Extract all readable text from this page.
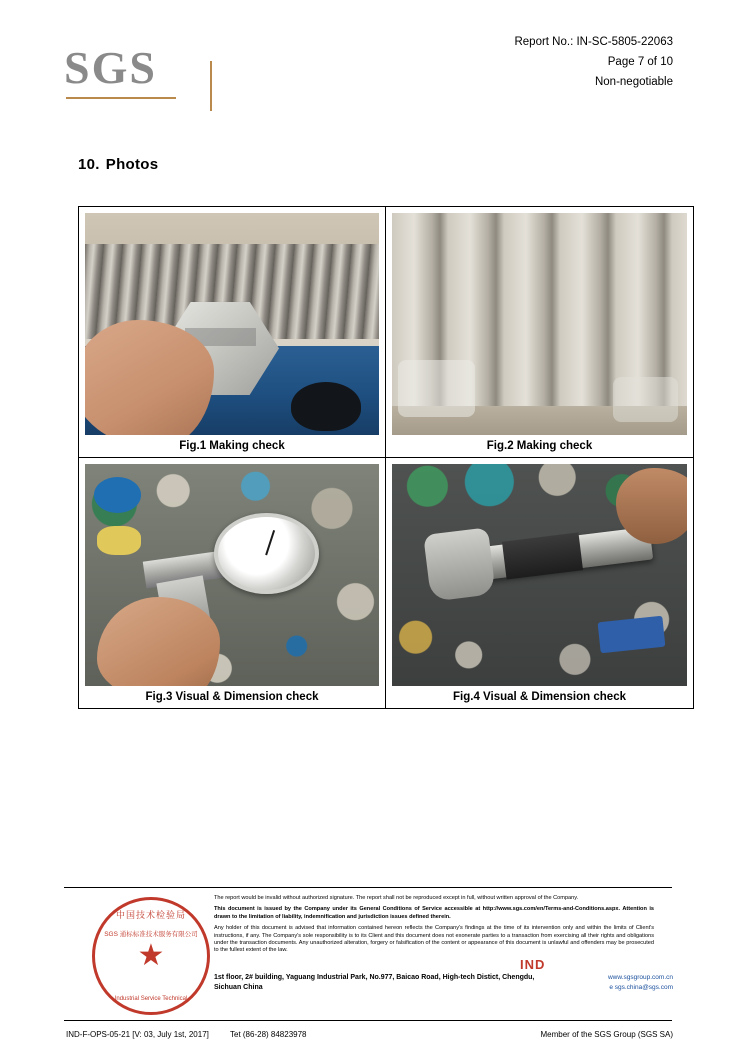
SGS	Report No.: IN-SC-5805-22063
Page 7 of 10
Non-negotiable
10. Photos
Fig.1 Making check	Fig.2 Making check
Fig.3 Visual & Dimension check	Fig.4 Visual & Dimension check
中国技术检验局
SGS 通标标准技术服务有限公司
★
Industrial Service Technical

The report would be invalid without authorized signature. The report shall not be reproduced except in full, without written approval of the Company.

This document is issued by the Company under its General Conditions of Service accessible at http://www.sgs.com/en/Terms-and-Conditions.aspx. Attention is drawn to the limitation of liability, indemnification and jurisdiction issues defined therein.

Any holder of this document is advised that information contained hereon reflects the Company's findings at the time of its intervention only and within the limits of Client's instructions, if any. The Company's sole responsibility is to its Client and this document does not exonerate parties to a transaction from exercising all their rights and obligations under the transaction documents. Any unauthorized alteration, forgery or falsification of the content or appearance of this document is unlawful and offenders may be prosecuted to the fullest extent of the law.

IND
1st floor, 2# building, Yaguang Industrial Park, No.977, Baicao Road, High-tech Distict, Chengdu, Sichuan China
www.sgsgroup.com.cn
e sgs.china@sgs.com
IND-F-OPS-05-21 [V: 03, July 1st, 2017]	Tet (86-28) 84823978	Member of the SGS Group (SGS SA)
